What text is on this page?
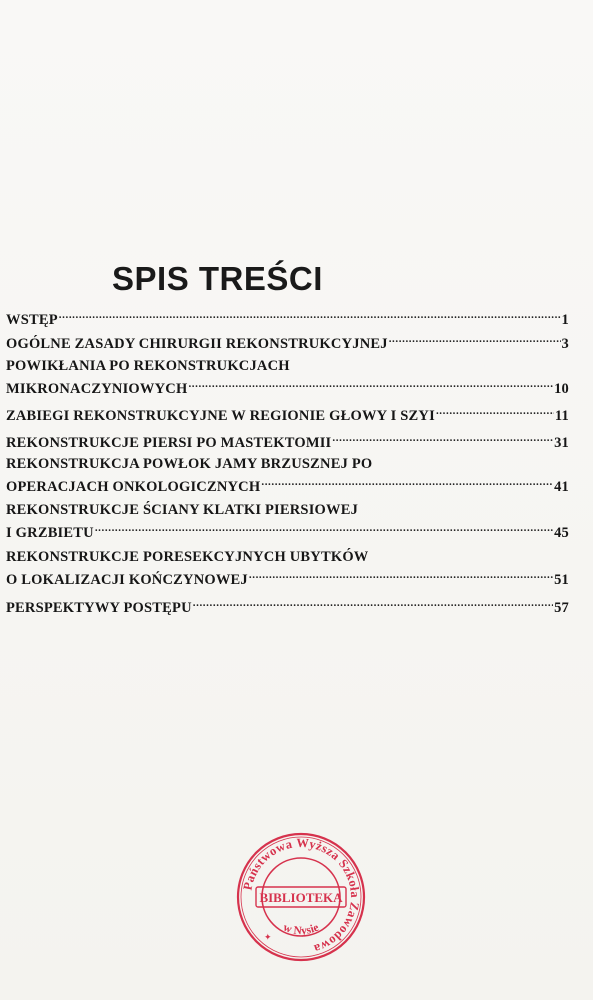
SPIS TREŚCI
WSTĘP .....	1
OGÓLNE ZASADY CHIRURGII REKONSTRUKCYJNEJ .....	3
POWIKŁANIA PO REKONSTRUKCJACH
MIKRONACZYNIOWYCH .....	10
ZABIEGI REKONSTRUKCYJNE W REGIONIE GŁOWY I SZYI .....	11
REKONSTRUKCJE PIERSI PO MASTEKTOMII .....	31
REKONSTRUKCJA POWŁOK JAMY BRZUSZNEJ PO
OPERACJACH ONKOLOGICZNYCH .....	41
REKONSTRUKCJE ŚCIANY KLATKI PIERSIOWEJ
I GRZBIETU .....	45
REKONSTRUKCJE PORESEKCYJNYCH UBYTKÓW
O LOKALIZACJI KOŃCZYNOWEJ .....	51
PERSPEKTYWY POSTĘPU .....	57
Państwowa Wyższa Szkoła Zawodowa
BIBLIOTEKA
w Nysie
✦
